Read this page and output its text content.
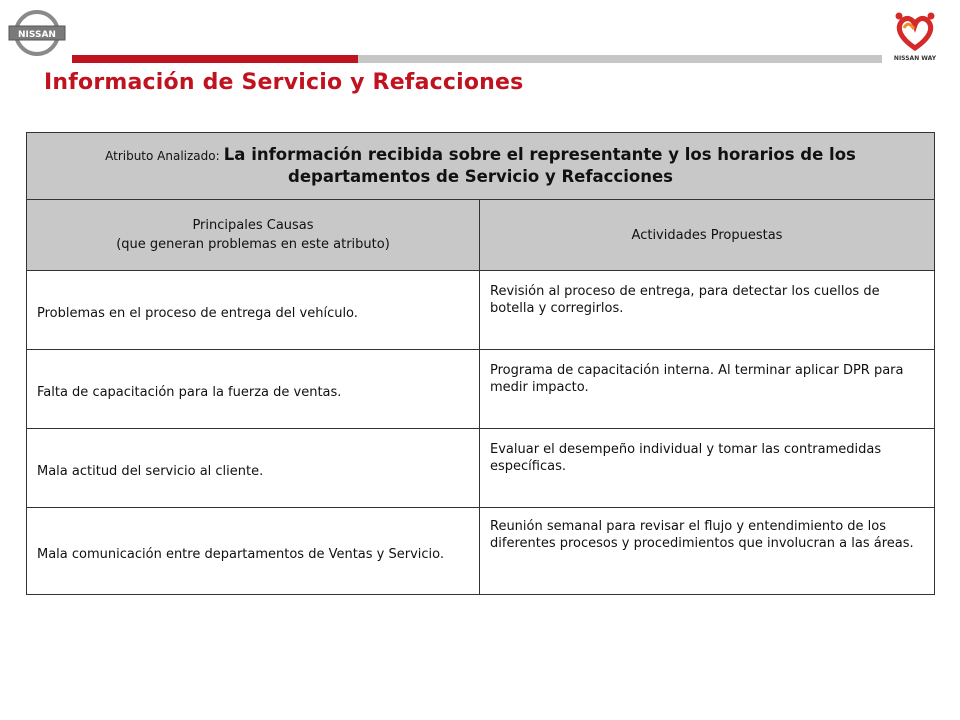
NISSAN
NISSAN WAY
Información de Servicio y Refacciones
Atributo Analizado: La información recibida sobre el representante y los horarios de los departamentos de Servicio y Refacciones	

Principales Causas
(que generan problemas en este atributo)	Actividades Propuestas
Problemas en el proceso de entrega del vehículo.	Revisión al proceso de entrega, para detectar los cuellos de botella y corregirlos.
Falta de capacitación para la fuerza de ventas.	Programa de capacitación interna. Al terminar aplicar DPR para medir impacto.
Mala actitud del servicio al cliente.	Evaluar el desempeño individual y tomar las contramedidas específicas.
Mala comunicación entre departamentos de Ventas y Servicio.	Reunión semanal para revisar el flujo y entendimiento de los diferentes procesos y procedimientos que involucran a las áreas.
